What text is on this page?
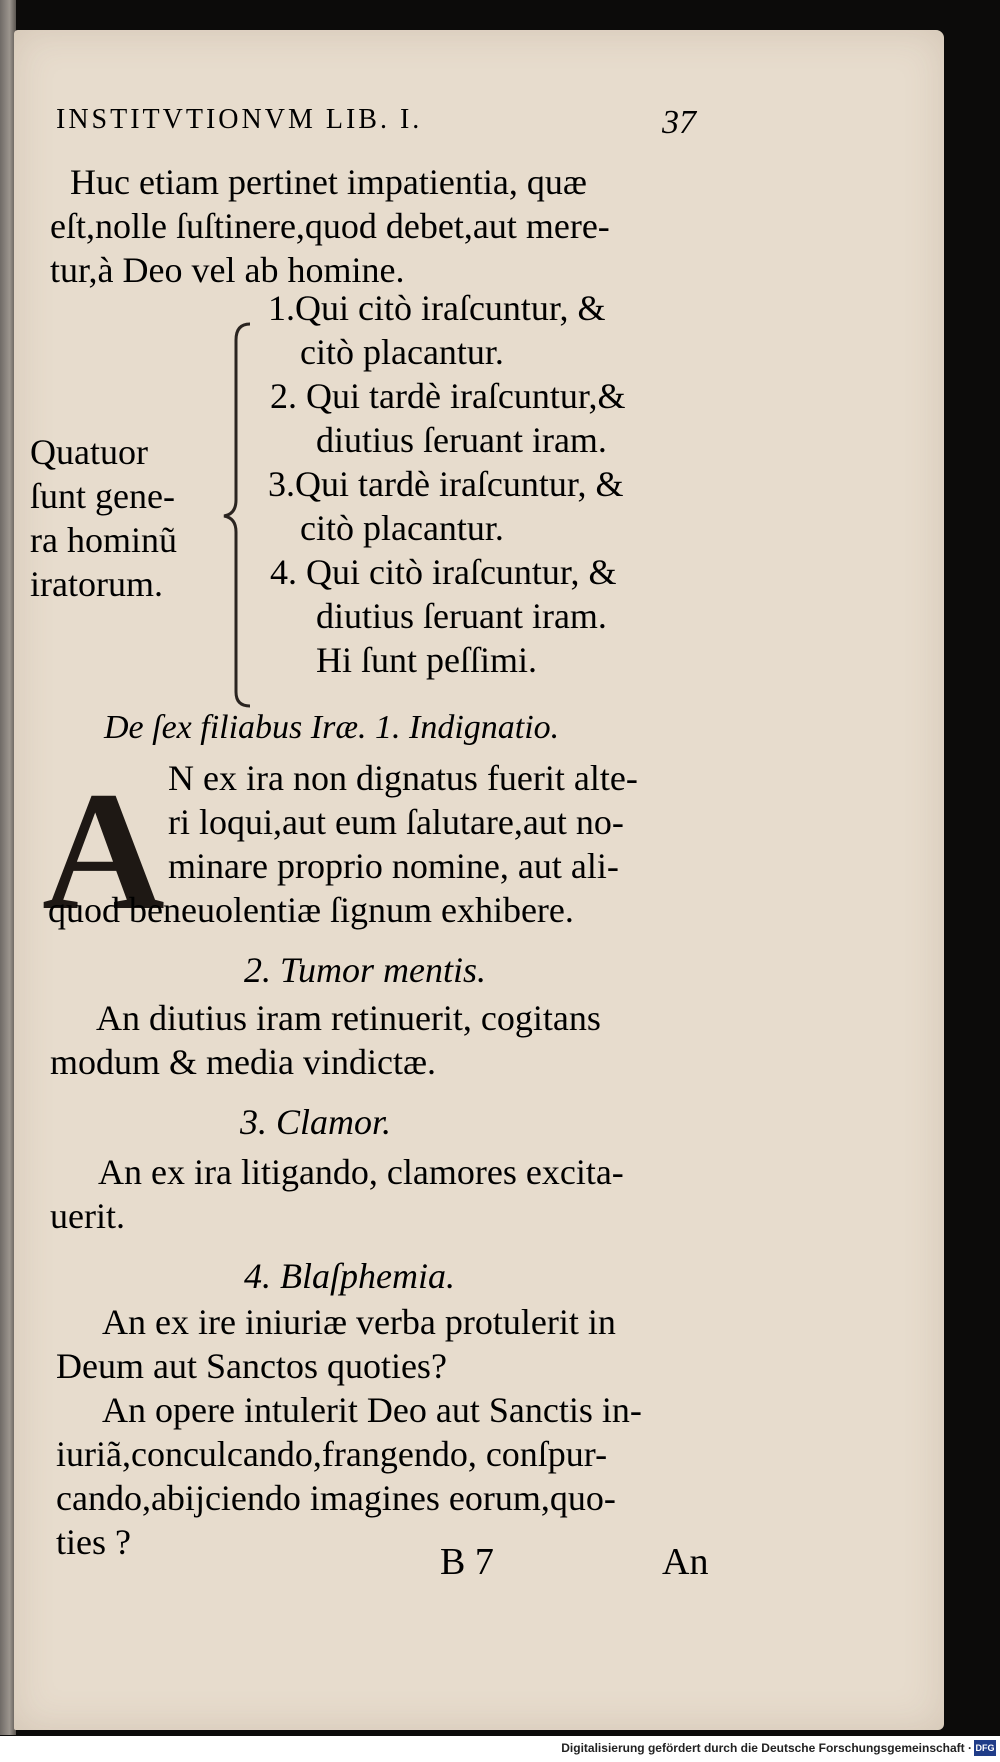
INSTITVTIONVM LIB. I.	37
Huc etiam pertinet impatientia, quæ
eſt,nolle ſuſtinere,quod debet,aut mere-
tur,à Deo vel ab homine.
Quatuor
ſunt gene-
ra hominũ
iratorum.
1.Qui citò iraſcuntur, &
citò placantur.
2. Qui tardè iraſcuntur,&
diutius ſeruant iram.
3.Qui tardè iraſcuntur, &
citò placantur.
4. Qui citò iraſcuntur, &
diutius ſeruant iram.
Hi ſunt peſſimi.
De ſex filiabus Iræ. 1. Indignatio.
A N ex ira non dignatus fuerit alte-
ri loqui,aut eum ſalutare,aut no-
minare proprio nomine, aut ali-
quod beneuolentiæ ſignum exhibere.
2. Tumor mentis.
An diutius iram retinuerit, cogitans
modum & media vindictæ.
3. Clamor.
An ex ira litigando, clamores excita-
uerit.
4. Blaſphemia.
An ex ire iniuriæ verba protulerit in
Deum aut Sanctos quoties?
An opere intulerit Deo aut Sanctis in-
iuriã,conculcando,frangendo, conſpur-
cando,abijciendo imagines eorum,quo-
ties ?	B 7	An
Digitalisierung gefördert durch die Deutsche Forschungsgemeinschaft · DFG
